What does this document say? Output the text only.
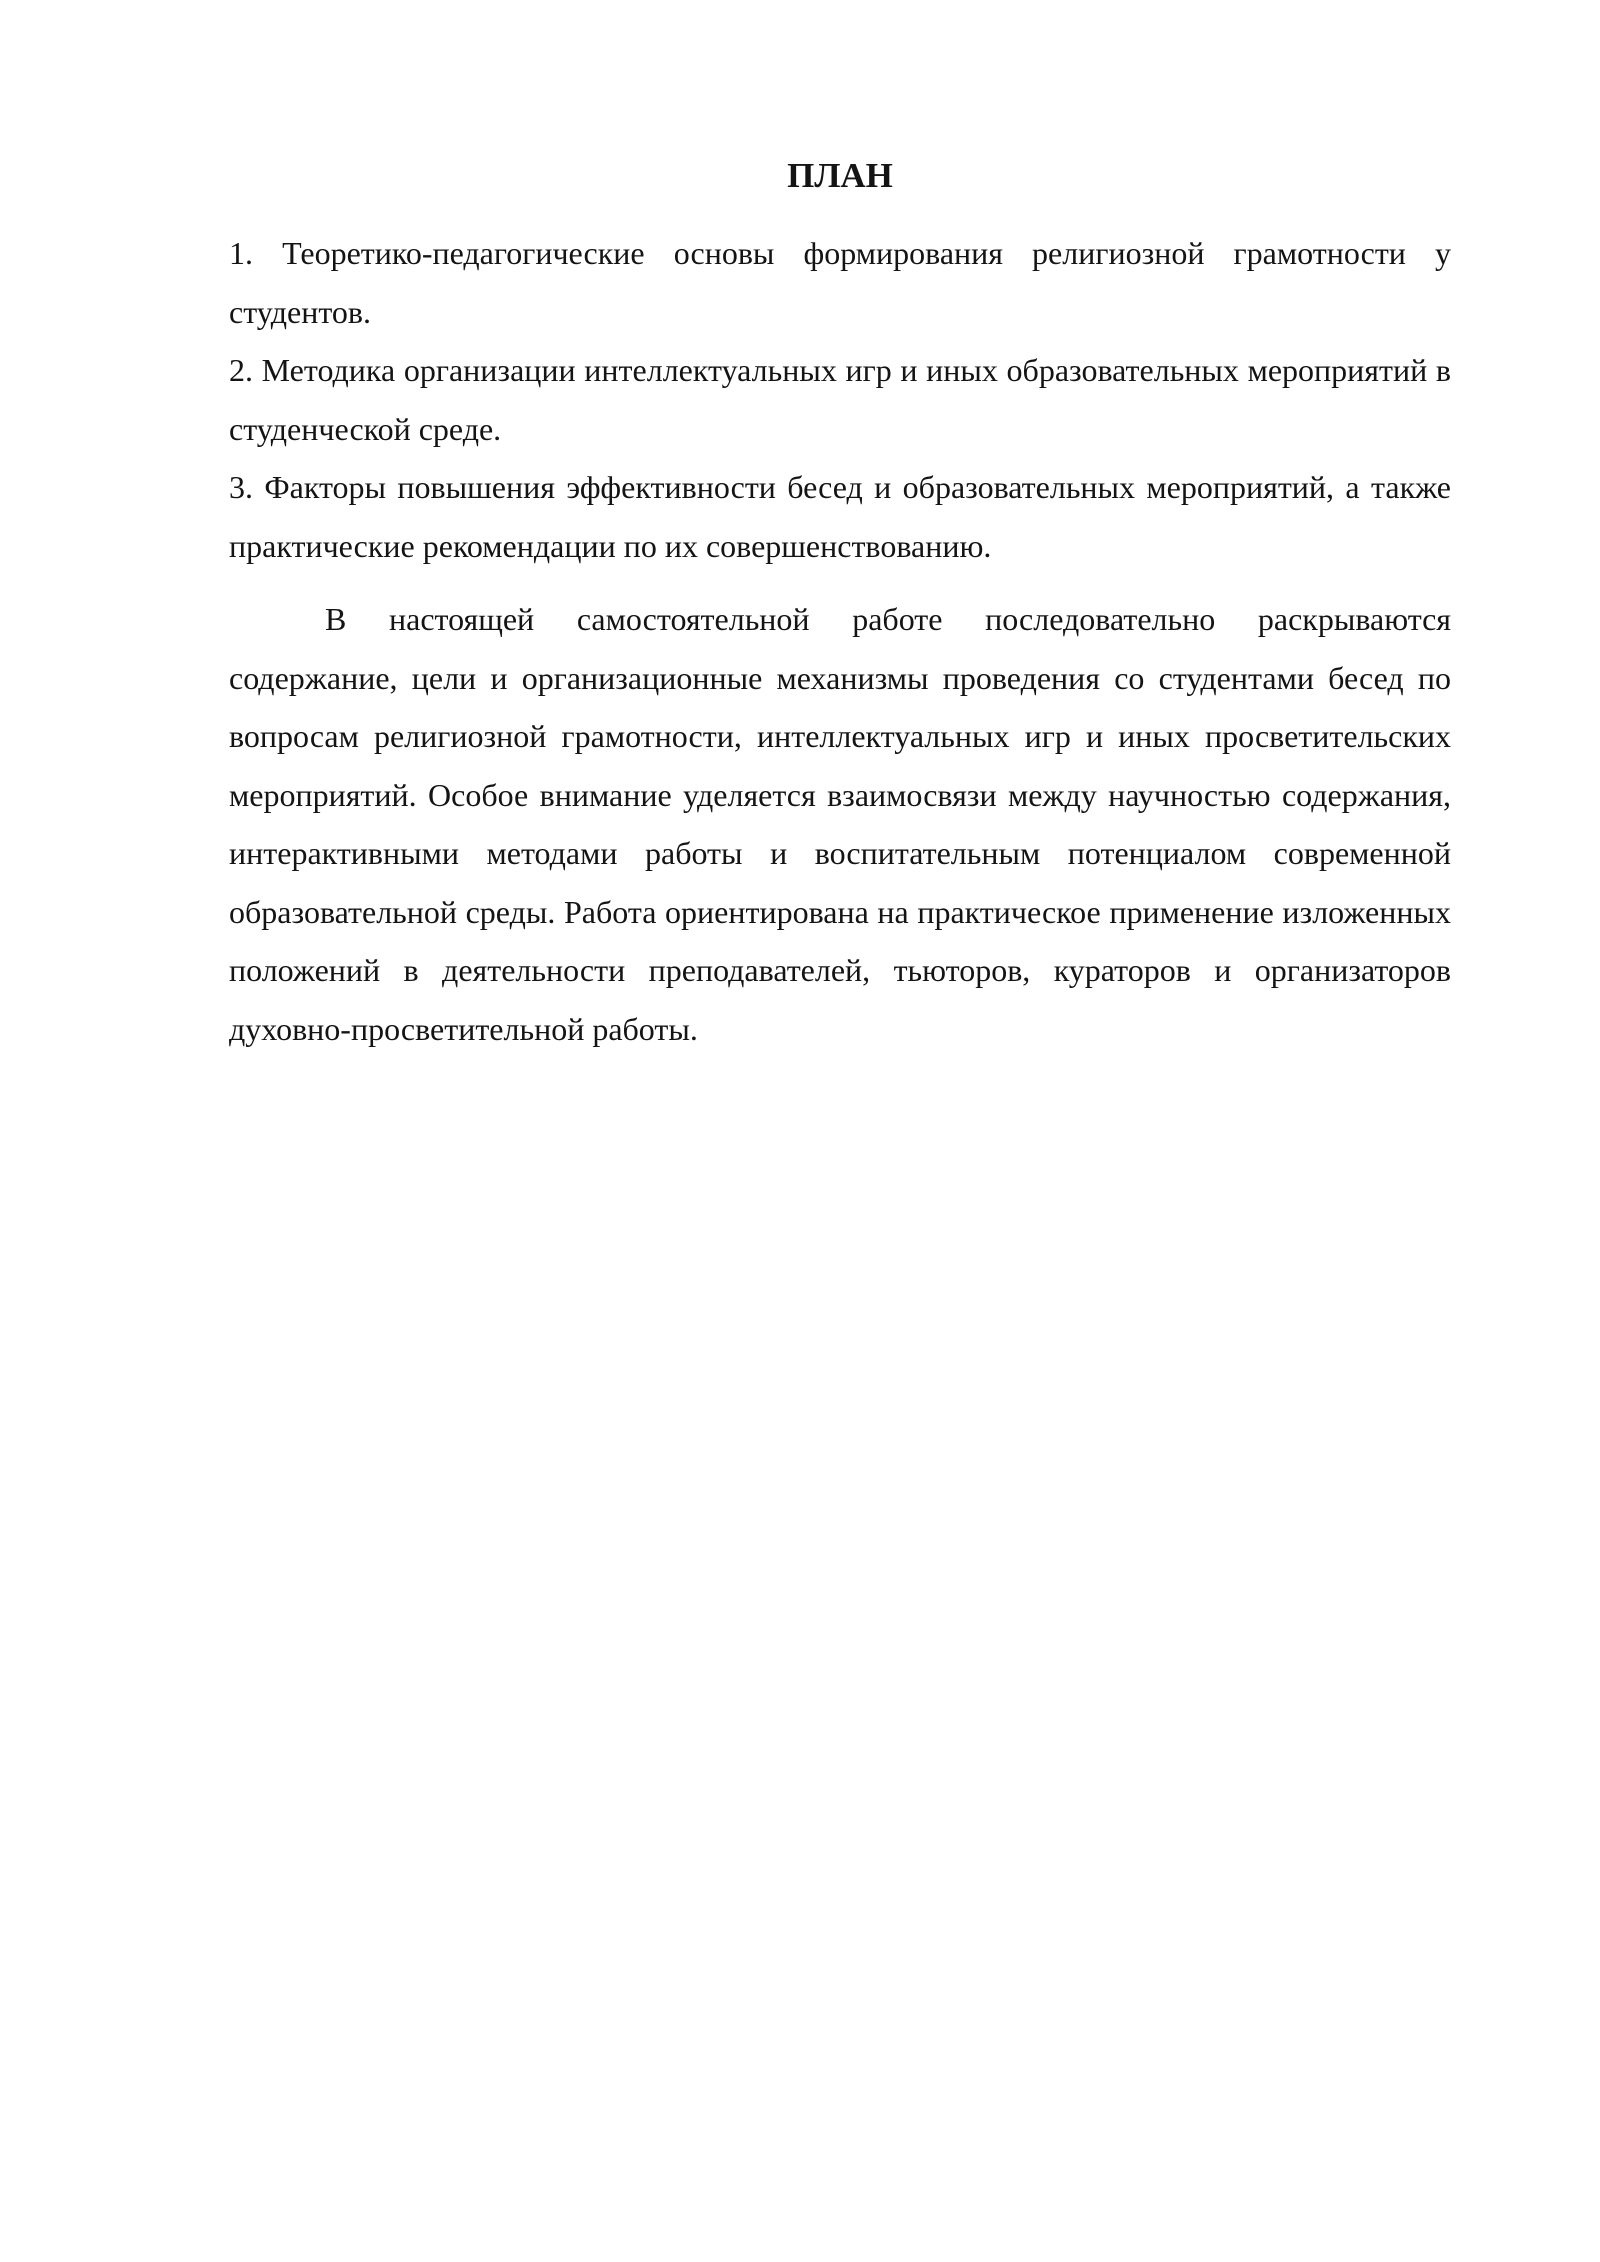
ПЛАН
1. Теоретико-педагогические основы формирования религиозной грамотности у студентов.
2. Методика организации интеллектуальных игр и иных образовательных мероприятий в студенческой среде.
3. Факторы повышения эффективности бесед и образовательных мероприятий, а также практические рекомендации по их совершенствованию.

В настоящей самостоятельной работе последовательно раскрываются содержание, цели и организационные механизмы проведения со студентами бесед по вопросам религиозной грамотности, интеллектуальных игр и иных просветительских мероприятий. Особое внимание уделяется взаимосвязи между научностью содержания, интерактивными методами работы и воспитательным потенциалом современной образовательной среды. Работа ориентирована на практическое применение изложенных положений в деятельности преподавателей, тьюторов, кураторов и организаторов духовно-просветительной работы.
